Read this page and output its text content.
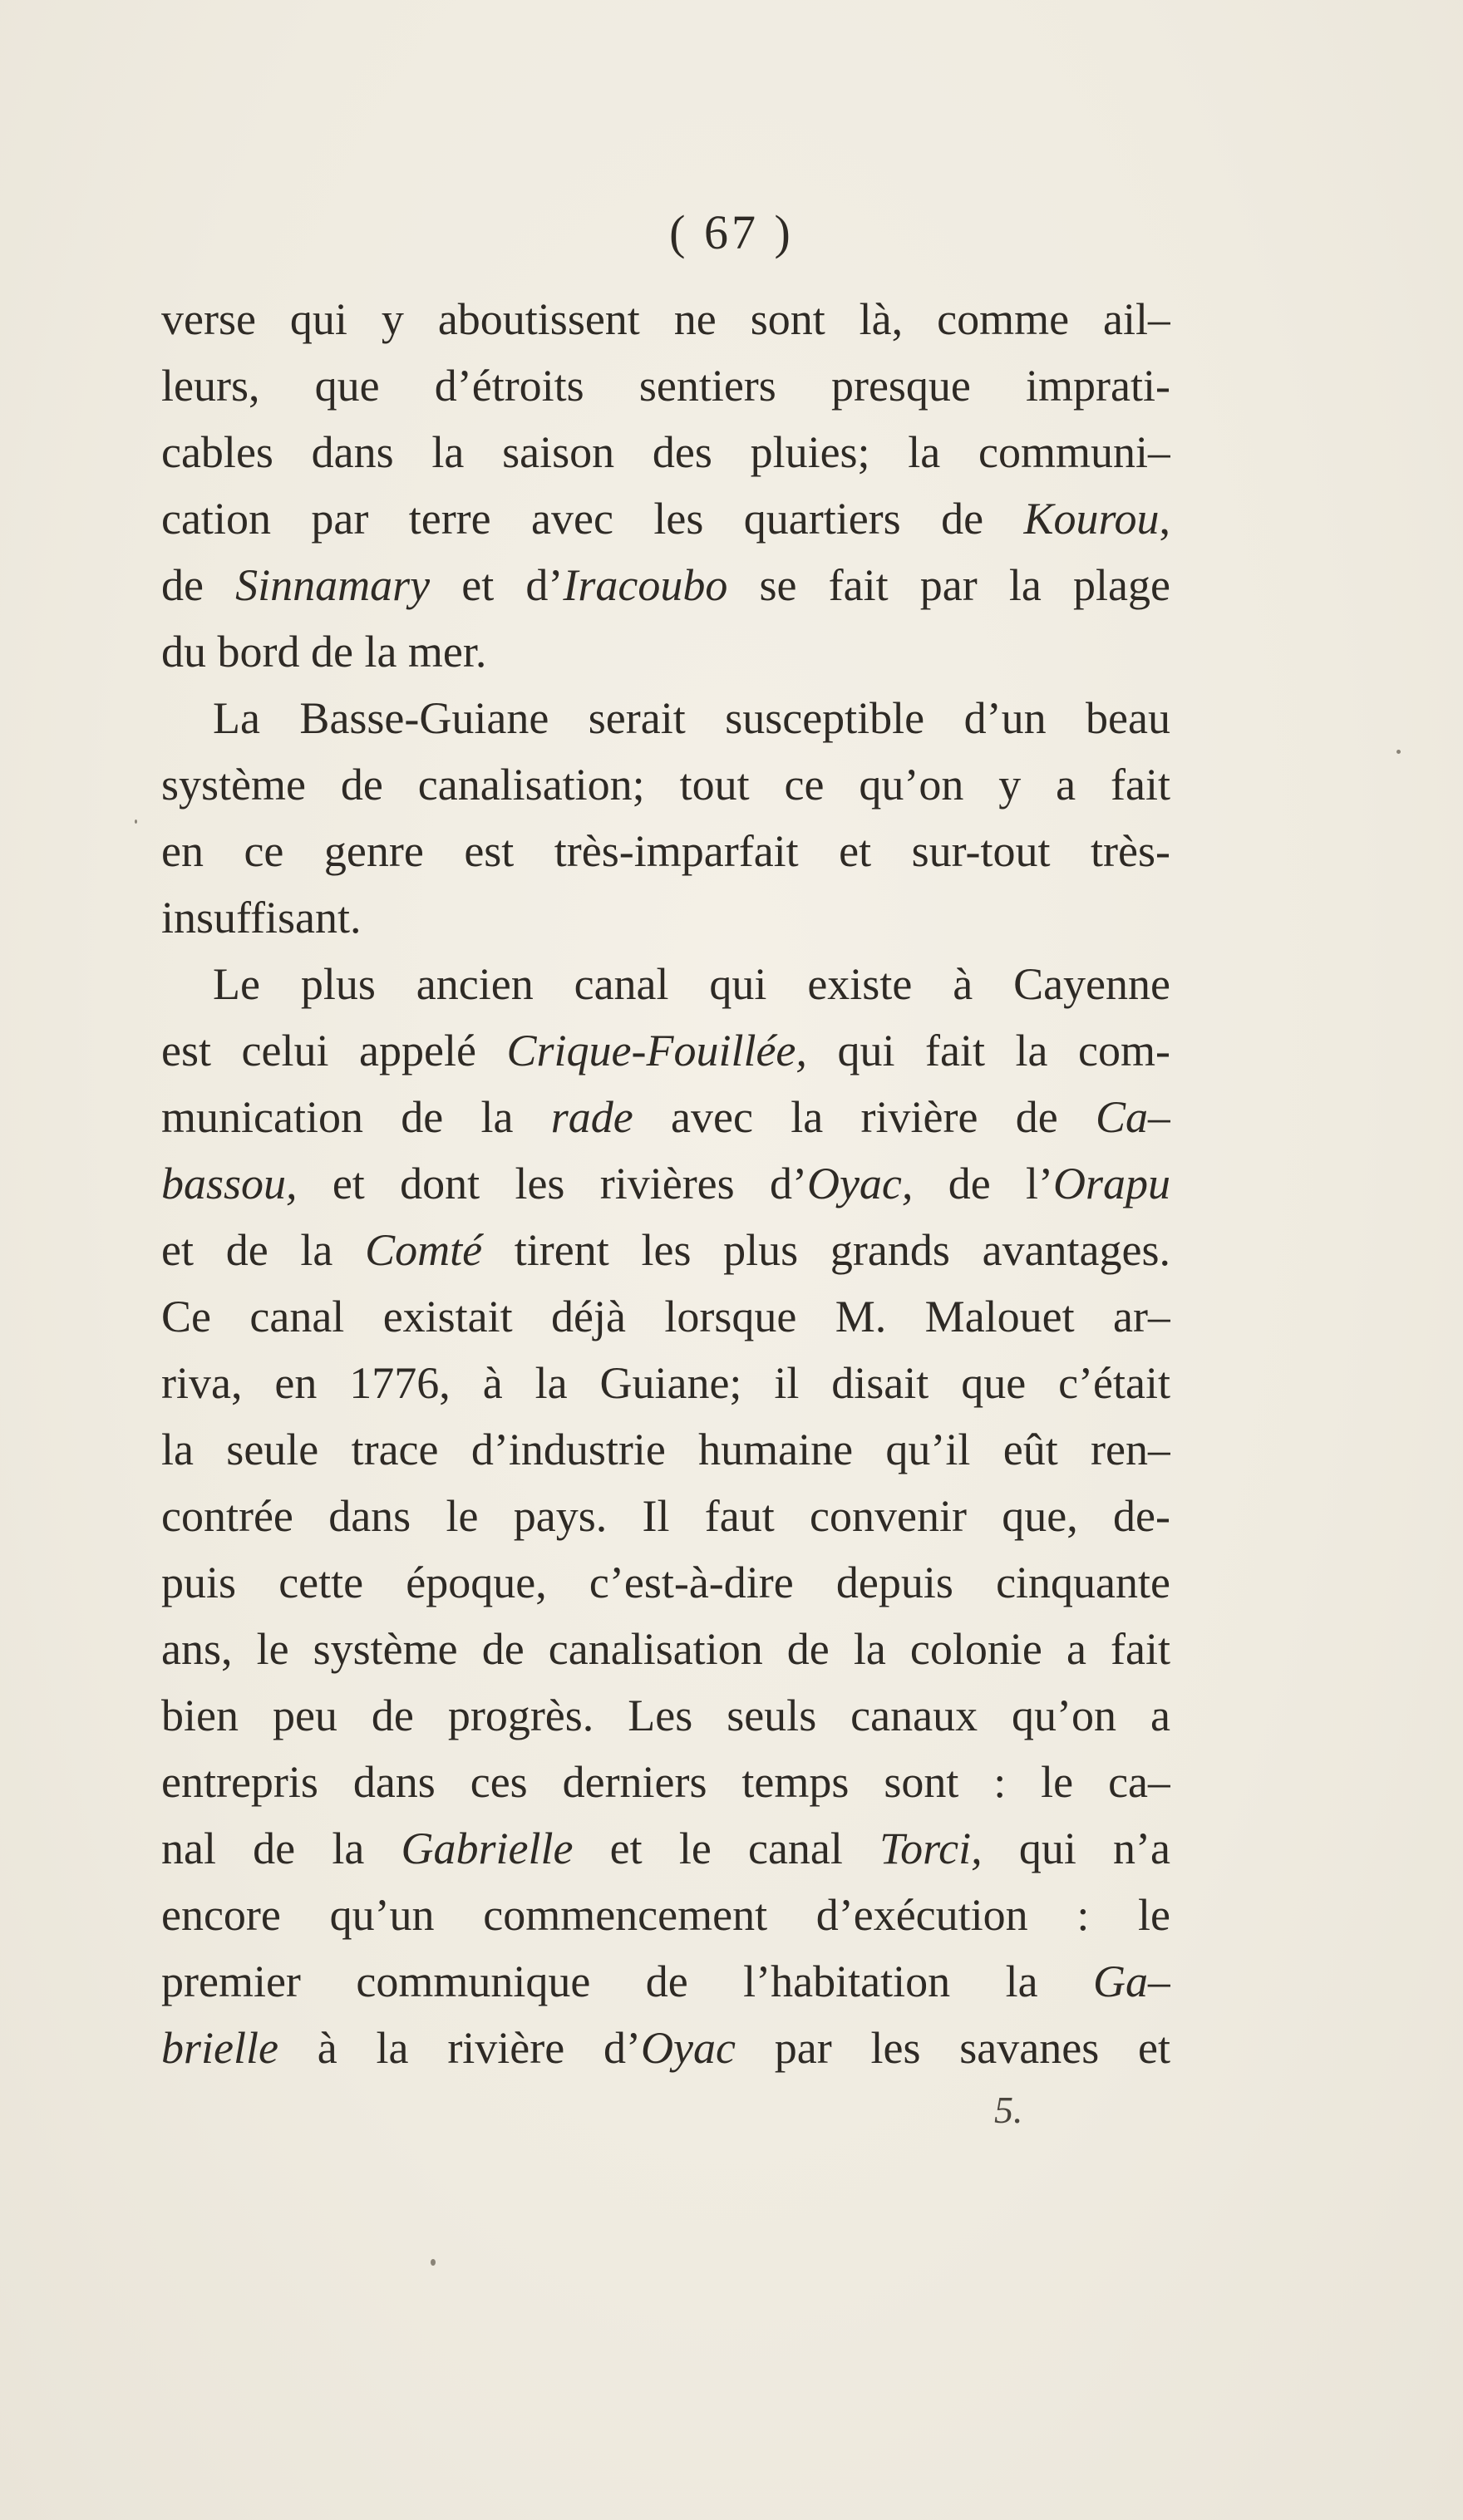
( 67 )
verse qui y aboutissent ne sont là, comme ail–
leurs, que d’étroits sentiers presque imprati-
cables dans la saison des pluies; la communi–
cation par terre avec les quartiers de Kourou,
de Sinnamary et d’Iracoubo se fait par la plage
du bord de la mer.
La Basse-Guiane serait susceptible d’un beau
système de canalisation; tout ce qu’on y a fait
en ce genre est très-imparfait et sur-tout très-
insuffisant.
Le plus ancien canal qui existe à Cayenne
est celui appelé Crique-Fouillée, qui fait la com-
munication de la rade avec la rivière de Ca–
bassou, et dont les rivières d’Oyac, de l’Orapu
et de la Comté tirent les plus grands avantages.
Ce canal existait déjà lorsque M. Malouet ar–
riva, en 1776, à la Guiane; il disait que c’était
la seule trace d’industrie humaine qu’il eût ren–
contrée dans le pays. Il faut convenir que, de-
puis cette époque, c’est-à-dire depuis cinquante
ans, le système de canalisation de la colonie a fait
bien peu de progrès. Les seuls canaux qu’on a
entrepris dans ces derniers temps sont : le ca–
nal de la Gabrielle et le canal Torci, qui n’a
encore qu’un commencement d’exécution : le
premier communique de l’habitation la Ga–
brielle à la rivière d’Oyac par les savanes et
5.
